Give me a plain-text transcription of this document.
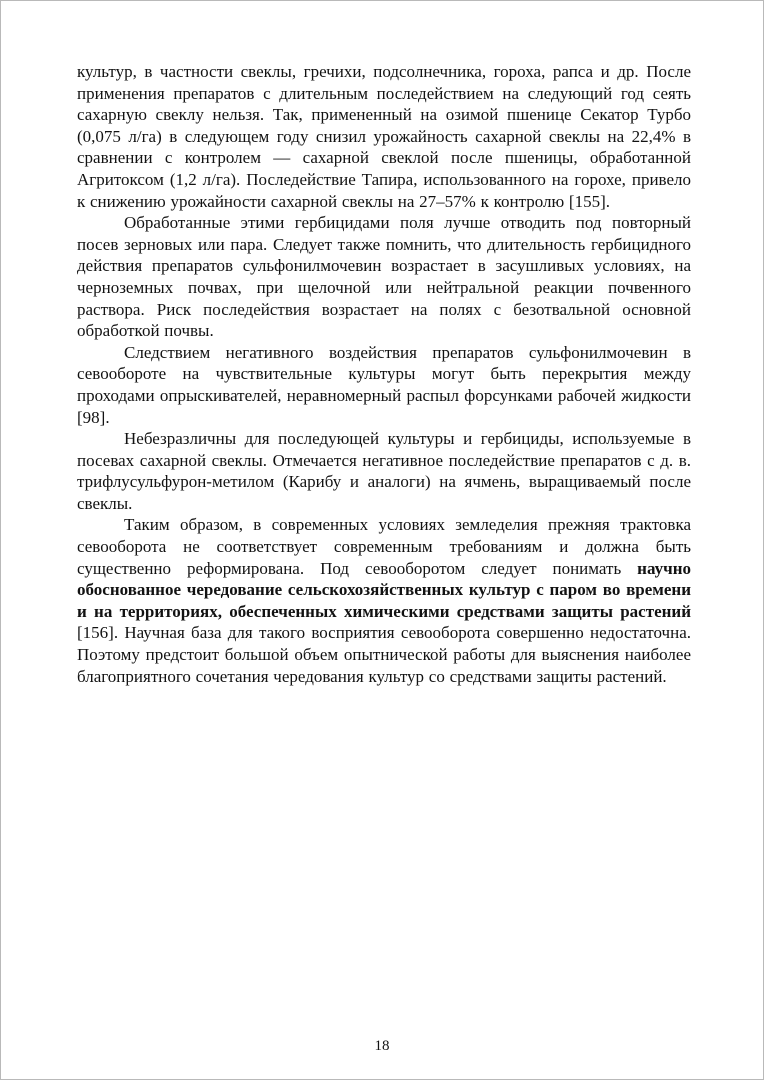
культур, в частности свеклы, гречихи, подсолнечника, гороха, рапса и др. После применения препаратов с длительным последействием на следующий год сеять сахарную свеклу нельзя. Так, примененный на озимой пшенице Секатор Турбо (0,075 л/га) в следующем году снизил урожайность сахарной свеклы на 22,4% в сравнении с контролем — сахарной свеклой после пшеницы, обработанной Агритоксом (1,2 л/га). Последействие Тапира, использованного на горохе, привело к снижению урожайности сахарной свеклы на 27–57% к контролю [155].

Обработанные этими гербицидами поля лучше отводить под повторный посев зерновых или пара. Следует также помнить, что длительность гербицидного действия препаратов сульфонилмочевин возрастает в засушливых условиях, на черноземных почвах, при щелочной или нейтральной реакции почвенного раствора. Риск последействия возрастает на полях с безотвальной основной обработкой почвы.

Следствием негативного воздействия препаратов сульфонилмочевин в севообороте на чувствительные культуры могут быть перекрытия между проходами опрыскивателей, неравномерный распыл форсунками рабочей жидкости [98].

Небезразличны для последующей культуры и гербициды, используемые в посевах сахарной свеклы. Отмечается негативное последействие препаратов с д. в. трифлусульфурон-метилом (Карибу и аналоги) на ячмень, выращиваемый после свеклы.

Таким образом, в современных условиях земледелия прежняя трактовка севооборота не соответствует современным требованиям и должна быть существенно реформирована. Под севооборотом следует понимать научно обоснованное чередование сельскохозяйственных культур с паром во времени и на территориях, обеспеченных химическими средствами защиты растений [156]. Научная база для такого восприятия севооборота совершенно недостаточна. Поэтому предстоит большой объем опытнической работы для выяснения наиболее благоприятного сочетания чередования культур со средствами защиты растений.

18
